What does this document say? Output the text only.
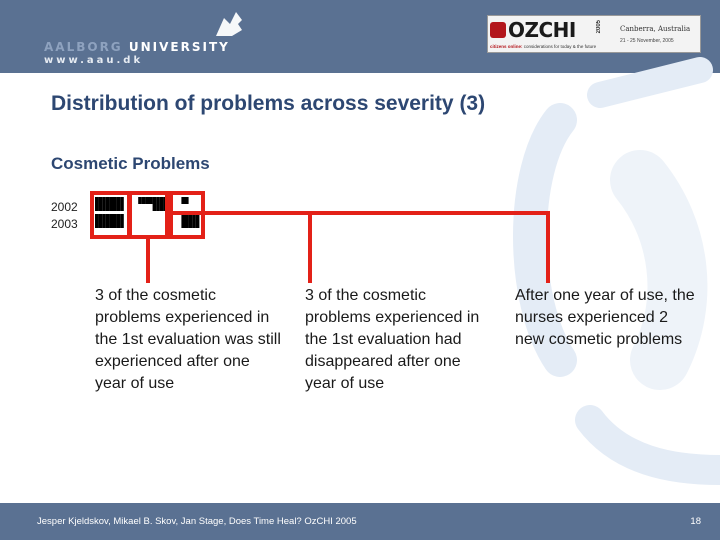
AALBORG UNIVERSITY
www.aau.dk
OZCHI	2005
citizens online: considerations for today & the future
Canberra, Australia
21 - 25 November, 2005
Distribution of problems across severity (3)
Cosmetic Problems
2002
2003
3 of the cosmetic problems experienced in the 1st evaluation was still experienced after one year of use
3 of the cosmetic problems experienced in the 1st evaluation had disappeared after one year of use
After one year of use, the nurses experienced 2 new cosmetic problems
Jesper Kjeldskov, Mikael B. Skov, Jan Stage, Does Time Heal? OzCHI 2005	18
